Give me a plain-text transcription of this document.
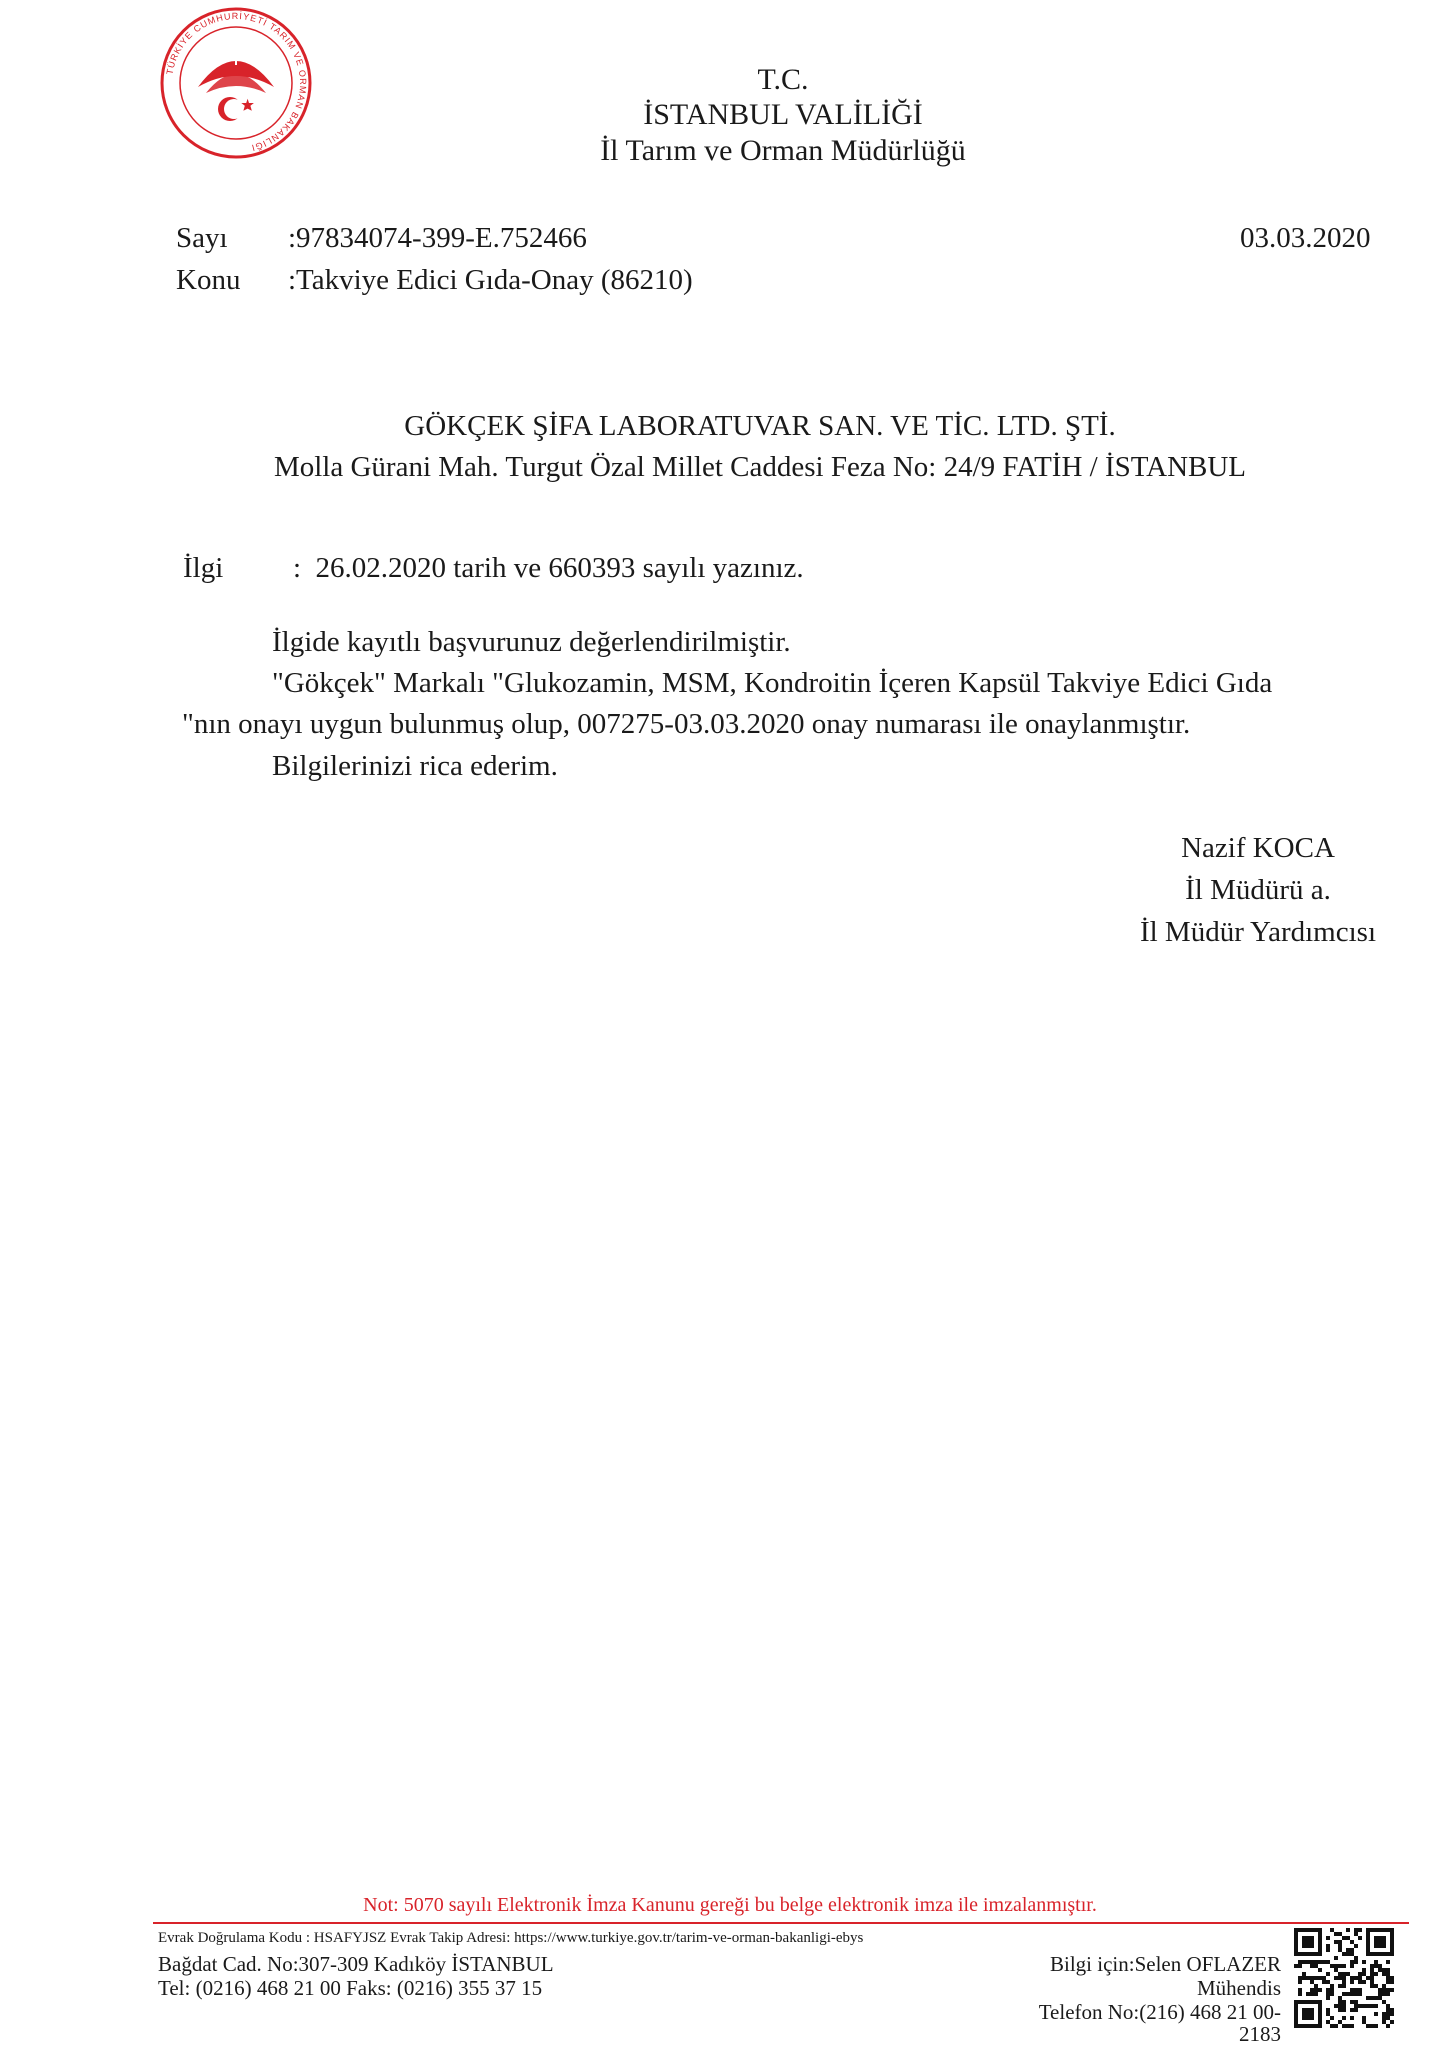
TÜRKİYE CUMHURİYETİ TARIM VE ORMAN BAKANLIĞI
T.C.
İSTANBUL VALİLİĞİ
İl Tarım ve Orman Müdürlüğü
Sayı :97834074-399-E.752466	03.03.2020
Konu :Takviye Edici Gıda-Onay (86210)
GÖKÇEK ŞİFA LABORATUVAR SAN. VE TİC. LTD. ŞTİ.
Molla Gürani Mah. Turgut Özal Millet Caddesi Feza No: 24/9 FATİH / İSTANBUL
İlgi :  26.02.2020 tarih ve 660393 sayılı yazınız.
İlgide kayıtlı başvurunuz değerlendirilmiştir.
"Gökçek" Markalı "Glukozamin, MSM, Kondroitin İçeren Kapsül Takviye Edici Gıda
"nın onayı uygun bulunmuş olup, 007275-03.03.2020 onay numarası ile onaylanmıştır.
Bilgilerinizi rica ederim.
Nazif KOCA
İl Müdürü a.
İl Müdür Yardımcısı
Not: 5070 sayılı Elektronik İmza Kanunu gereği bu belge elektronik imza ile imzalanmıştır.
Evrak Doğrulama Kodu : HSAFYJSZ Evrak Takip Adresi: https://www.turkiye.gov.tr/tarim-ve-orman-bakanligi-ebys
Bağdat Cad. No:307-309 Kadıköy İSTANBUL
Tel: (0216) 468 21 00 Faks: (0216) 355 37 15
Bilgi için:Selen OFLAZER
Mühendis
Telefon No:(216) 468 21 00-
2183
